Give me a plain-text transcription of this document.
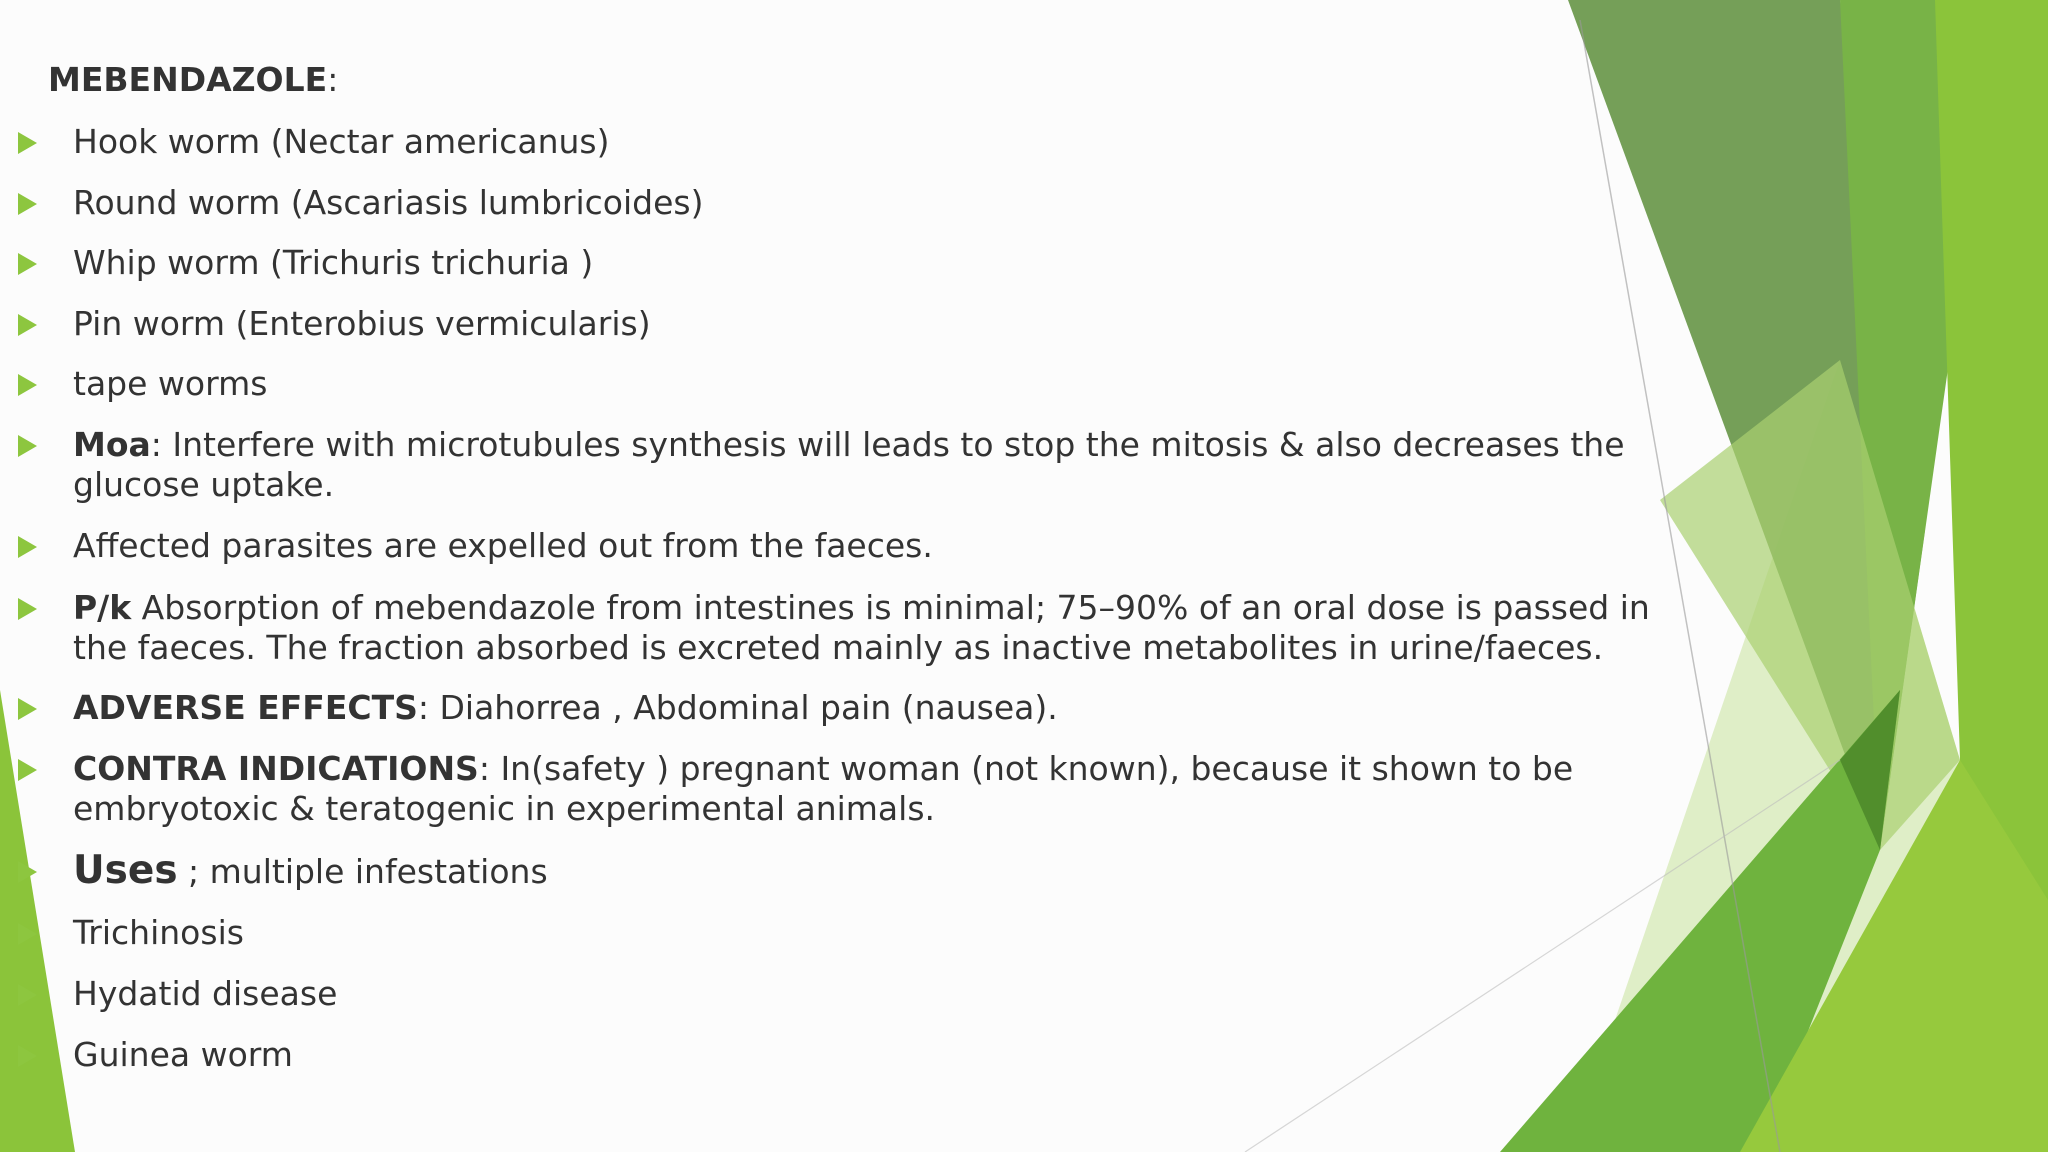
MEBENDAZOLE:
Hook worm (Nectar americanus)
Round worm (Ascariasis lumbricoides)
Whip worm (Trichuris trichuria )
Pin worm (Enterobius vermicularis)
tape worms
Moa: Interfere with microtubules synthesis will leads to stop the mitosis & also decreases the glucose uptake.
Affected parasites are expelled out from the faeces.
P/k Absorption of mebendazole from intestines is minimal; 75–90% of an oral dose is passed in the faeces. The fraction absorbed is excreted mainly as inactive metabolites in urine/faeces.
ADVERSE EFFECTS: Diahorrea , Abdominal pain (nausea).
CONTRA INDICATIONS: In(safety ) pregnant woman (not known), because it shown to be embryotoxic & teratogenic in experimental animals.
Uses ; multiple infestations
Trichinosis
Hydatid disease
Guinea worm
